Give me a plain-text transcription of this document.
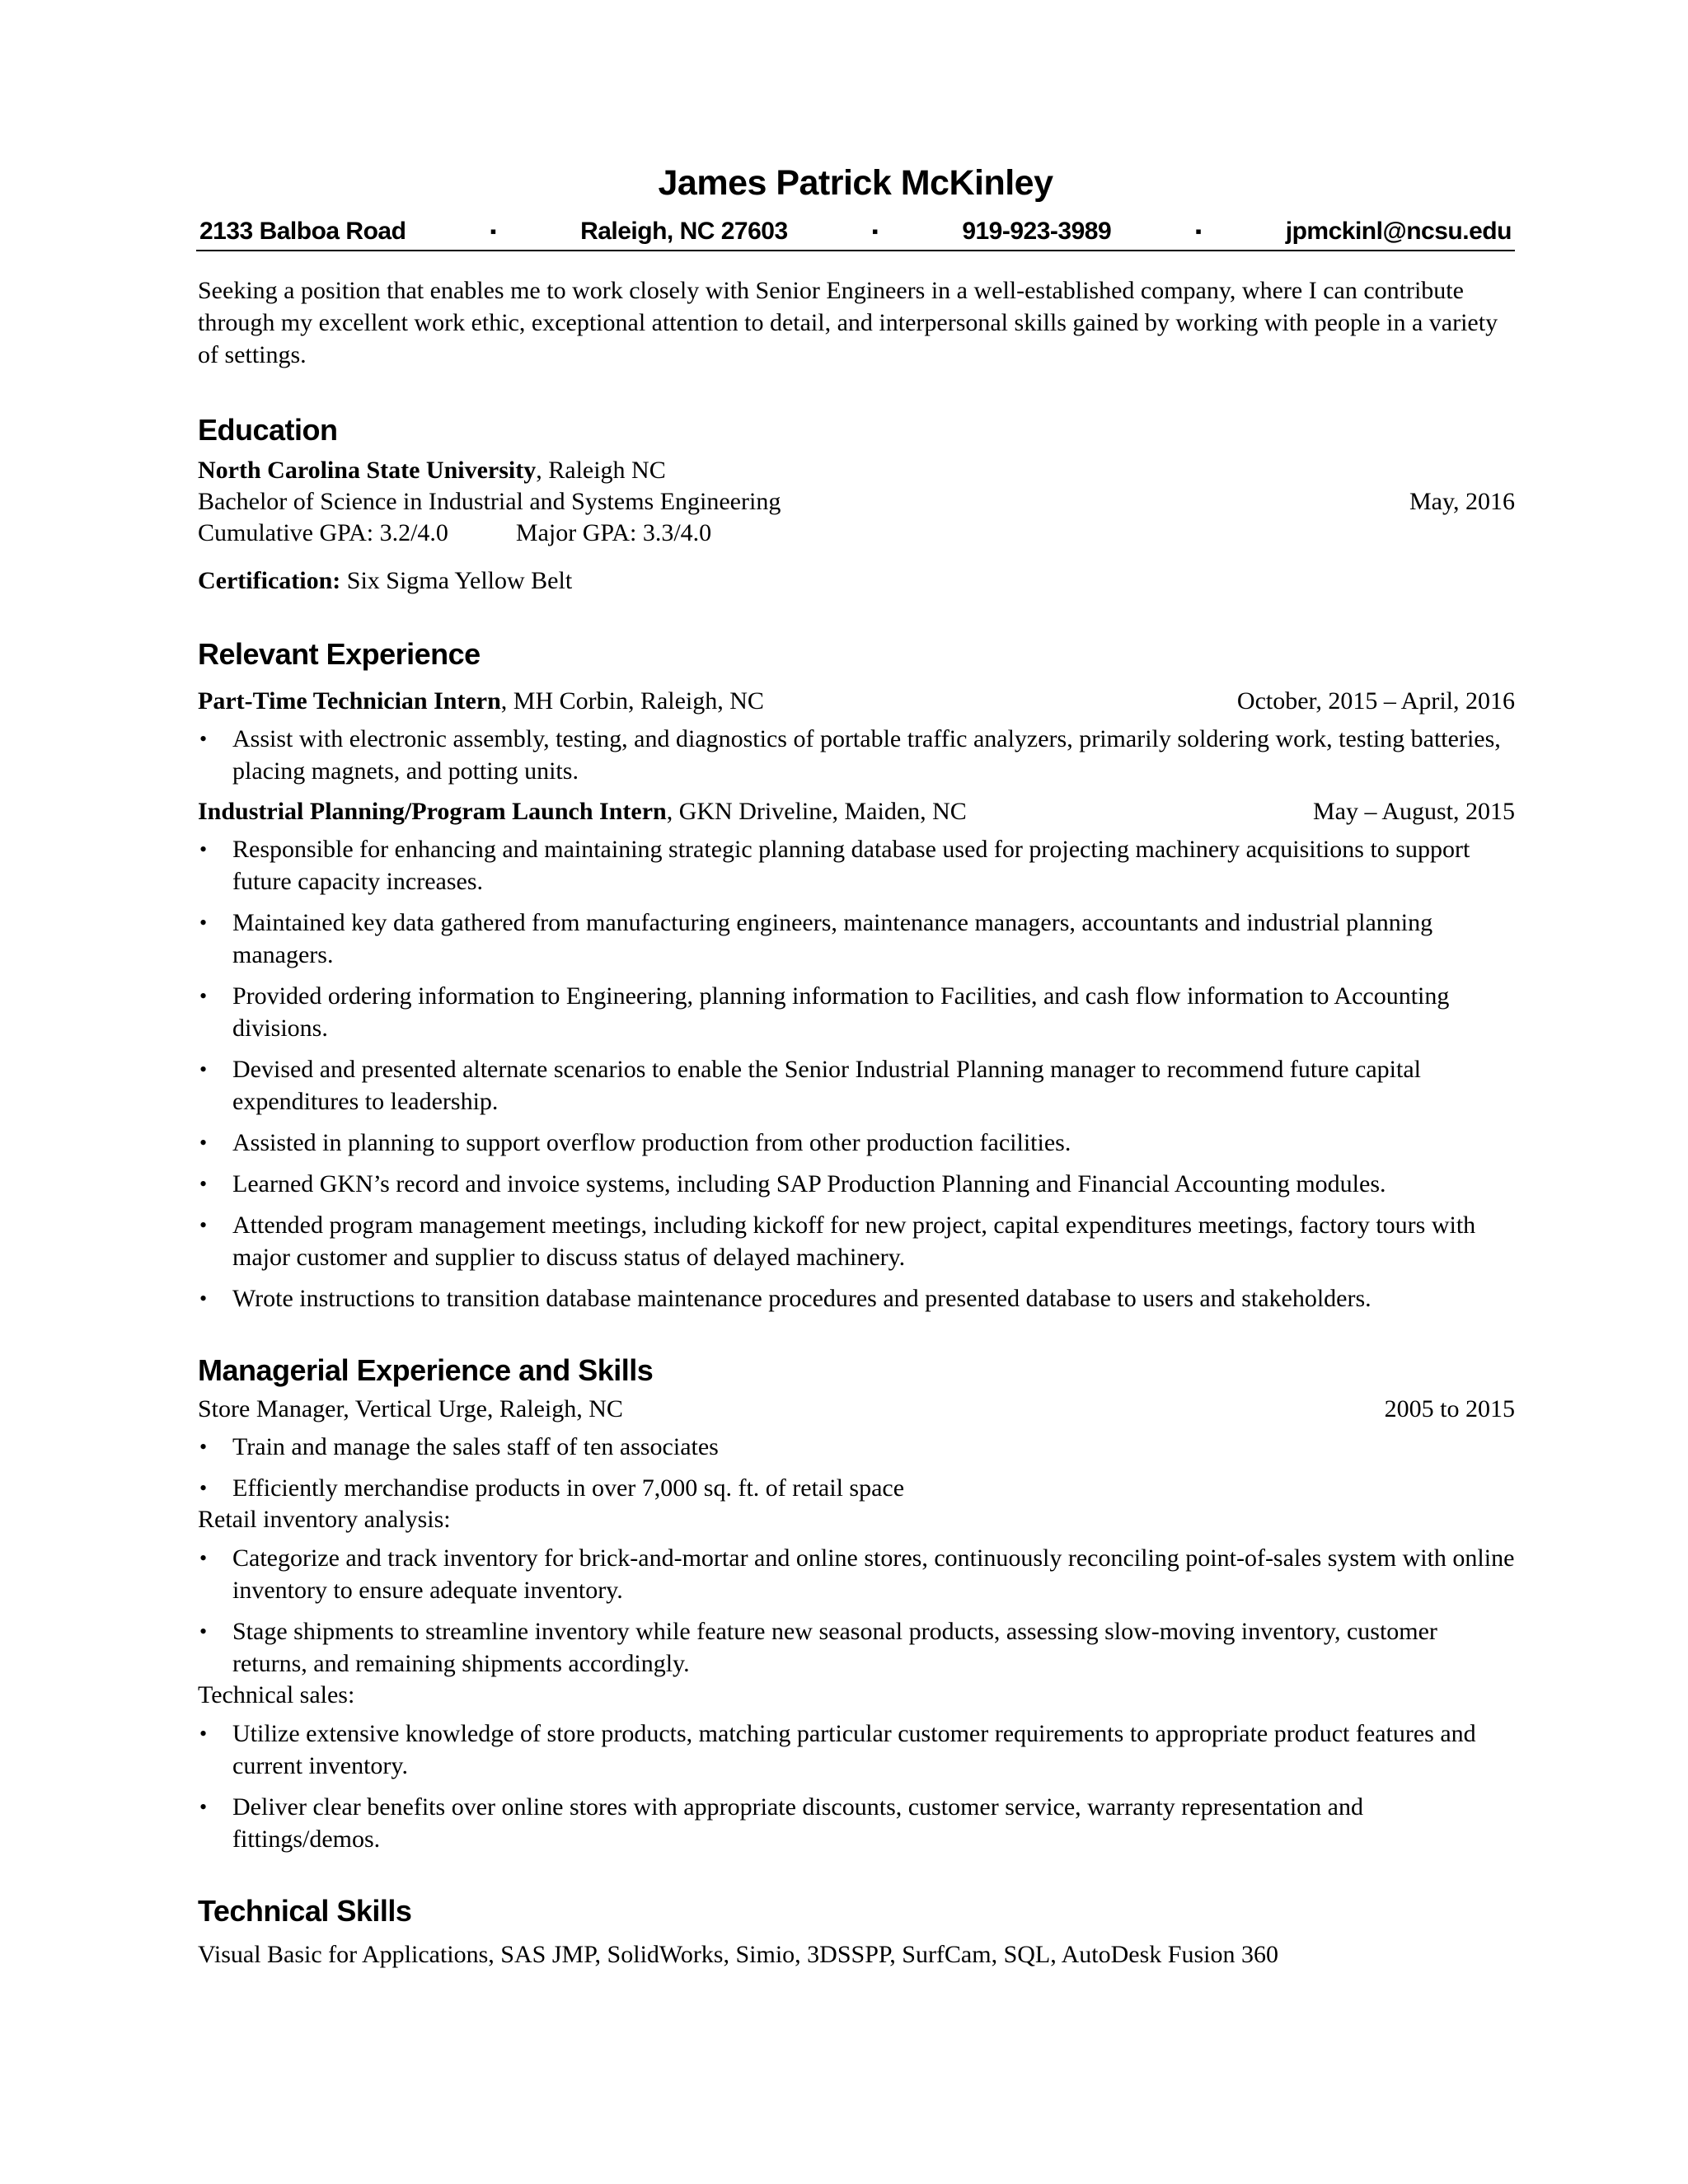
James Patrick McKinley
2133 Balboa Road	▪	Raleigh, NC 27603	▪	919-923-3989	▪	jpmckinl@ncsu.edu
Seeking a position that enables me to work closely with Senior Engineers in a well-established company, where I can contribute through my excellent work ethic, exceptional attention to detail, and interpersonal skills gained by working with people in a variety of settings.
Education
North Carolina State University, Raleigh NC
Bachelor of Science in Industrial and Systems Engineering	May, 2016
Cumulative GPA: 3.2/4.0	Major GPA: 3.3/4.0
Certification: Six Sigma Yellow Belt
Relevant Experience
Part-Time Technician Intern, MH Corbin, Raleigh, NC	October, 2015 – April, 2016
• Assist with electronic assembly, testing, and diagnostics of portable traffic analyzers, primarily soldering work, testing batteries, placing magnets, and potting units.
Industrial Planning/Program Launch Intern, GKN Driveline, Maiden, NC	May – August, 2015
• Responsible for enhancing and maintaining strategic planning database used for projecting machinery acquisitions to support future capacity increases.
• Maintained key data gathered from manufacturing engineers, maintenance managers, accountants and industrial planning managers.
• Provided ordering information to Engineering, planning information to Facilities, and cash flow information to Accounting divisions.
• Devised and presented alternate scenarios to enable the Senior Industrial Planning manager to recommend future capital expenditures to leadership.
• Assisted in planning to support overflow production from other production facilities.
• Learned GKN’s record and invoice systems, including SAP Production Planning and Financial Accounting modules.
• Attended program management meetings, including kickoff for new project, capital expenditures meetings, factory tours with major customer and supplier to discuss status of delayed machinery.
• Wrote instructions to transition database maintenance procedures and presented database to users and stakeholders.
Managerial Experience and Skills
Store Manager, Vertical Urge, Raleigh, NC	2005 to 2015
• Train and manage the sales staff of ten associates
• Efficiently merchandise products in over 7,000 sq. ft. of retail space
Retail inventory analysis:
• Categorize and track inventory for brick-and-mortar and online stores, continuously reconciling point-of-sales system with online inventory to ensure adequate inventory.
• Stage shipments to streamline inventory while feature new seasonal products, assessing slow-moving inventory, customer returns, and remaining shipments accordingly.
Technical sales:
• Utilize extensive knowledge of store products, matching particular customer requirements to appropriate product features and current inventory.
• Deliver clear benefits over online stores with appropriate discounts, customer service, warranty representation and fittings/demos.
Technical Skills
Visual Basic for Applications, SAS JMP, SolidWorks, Simio, 3DSSPP, SurfCam, SQL, AutoDesk Fusion 360
